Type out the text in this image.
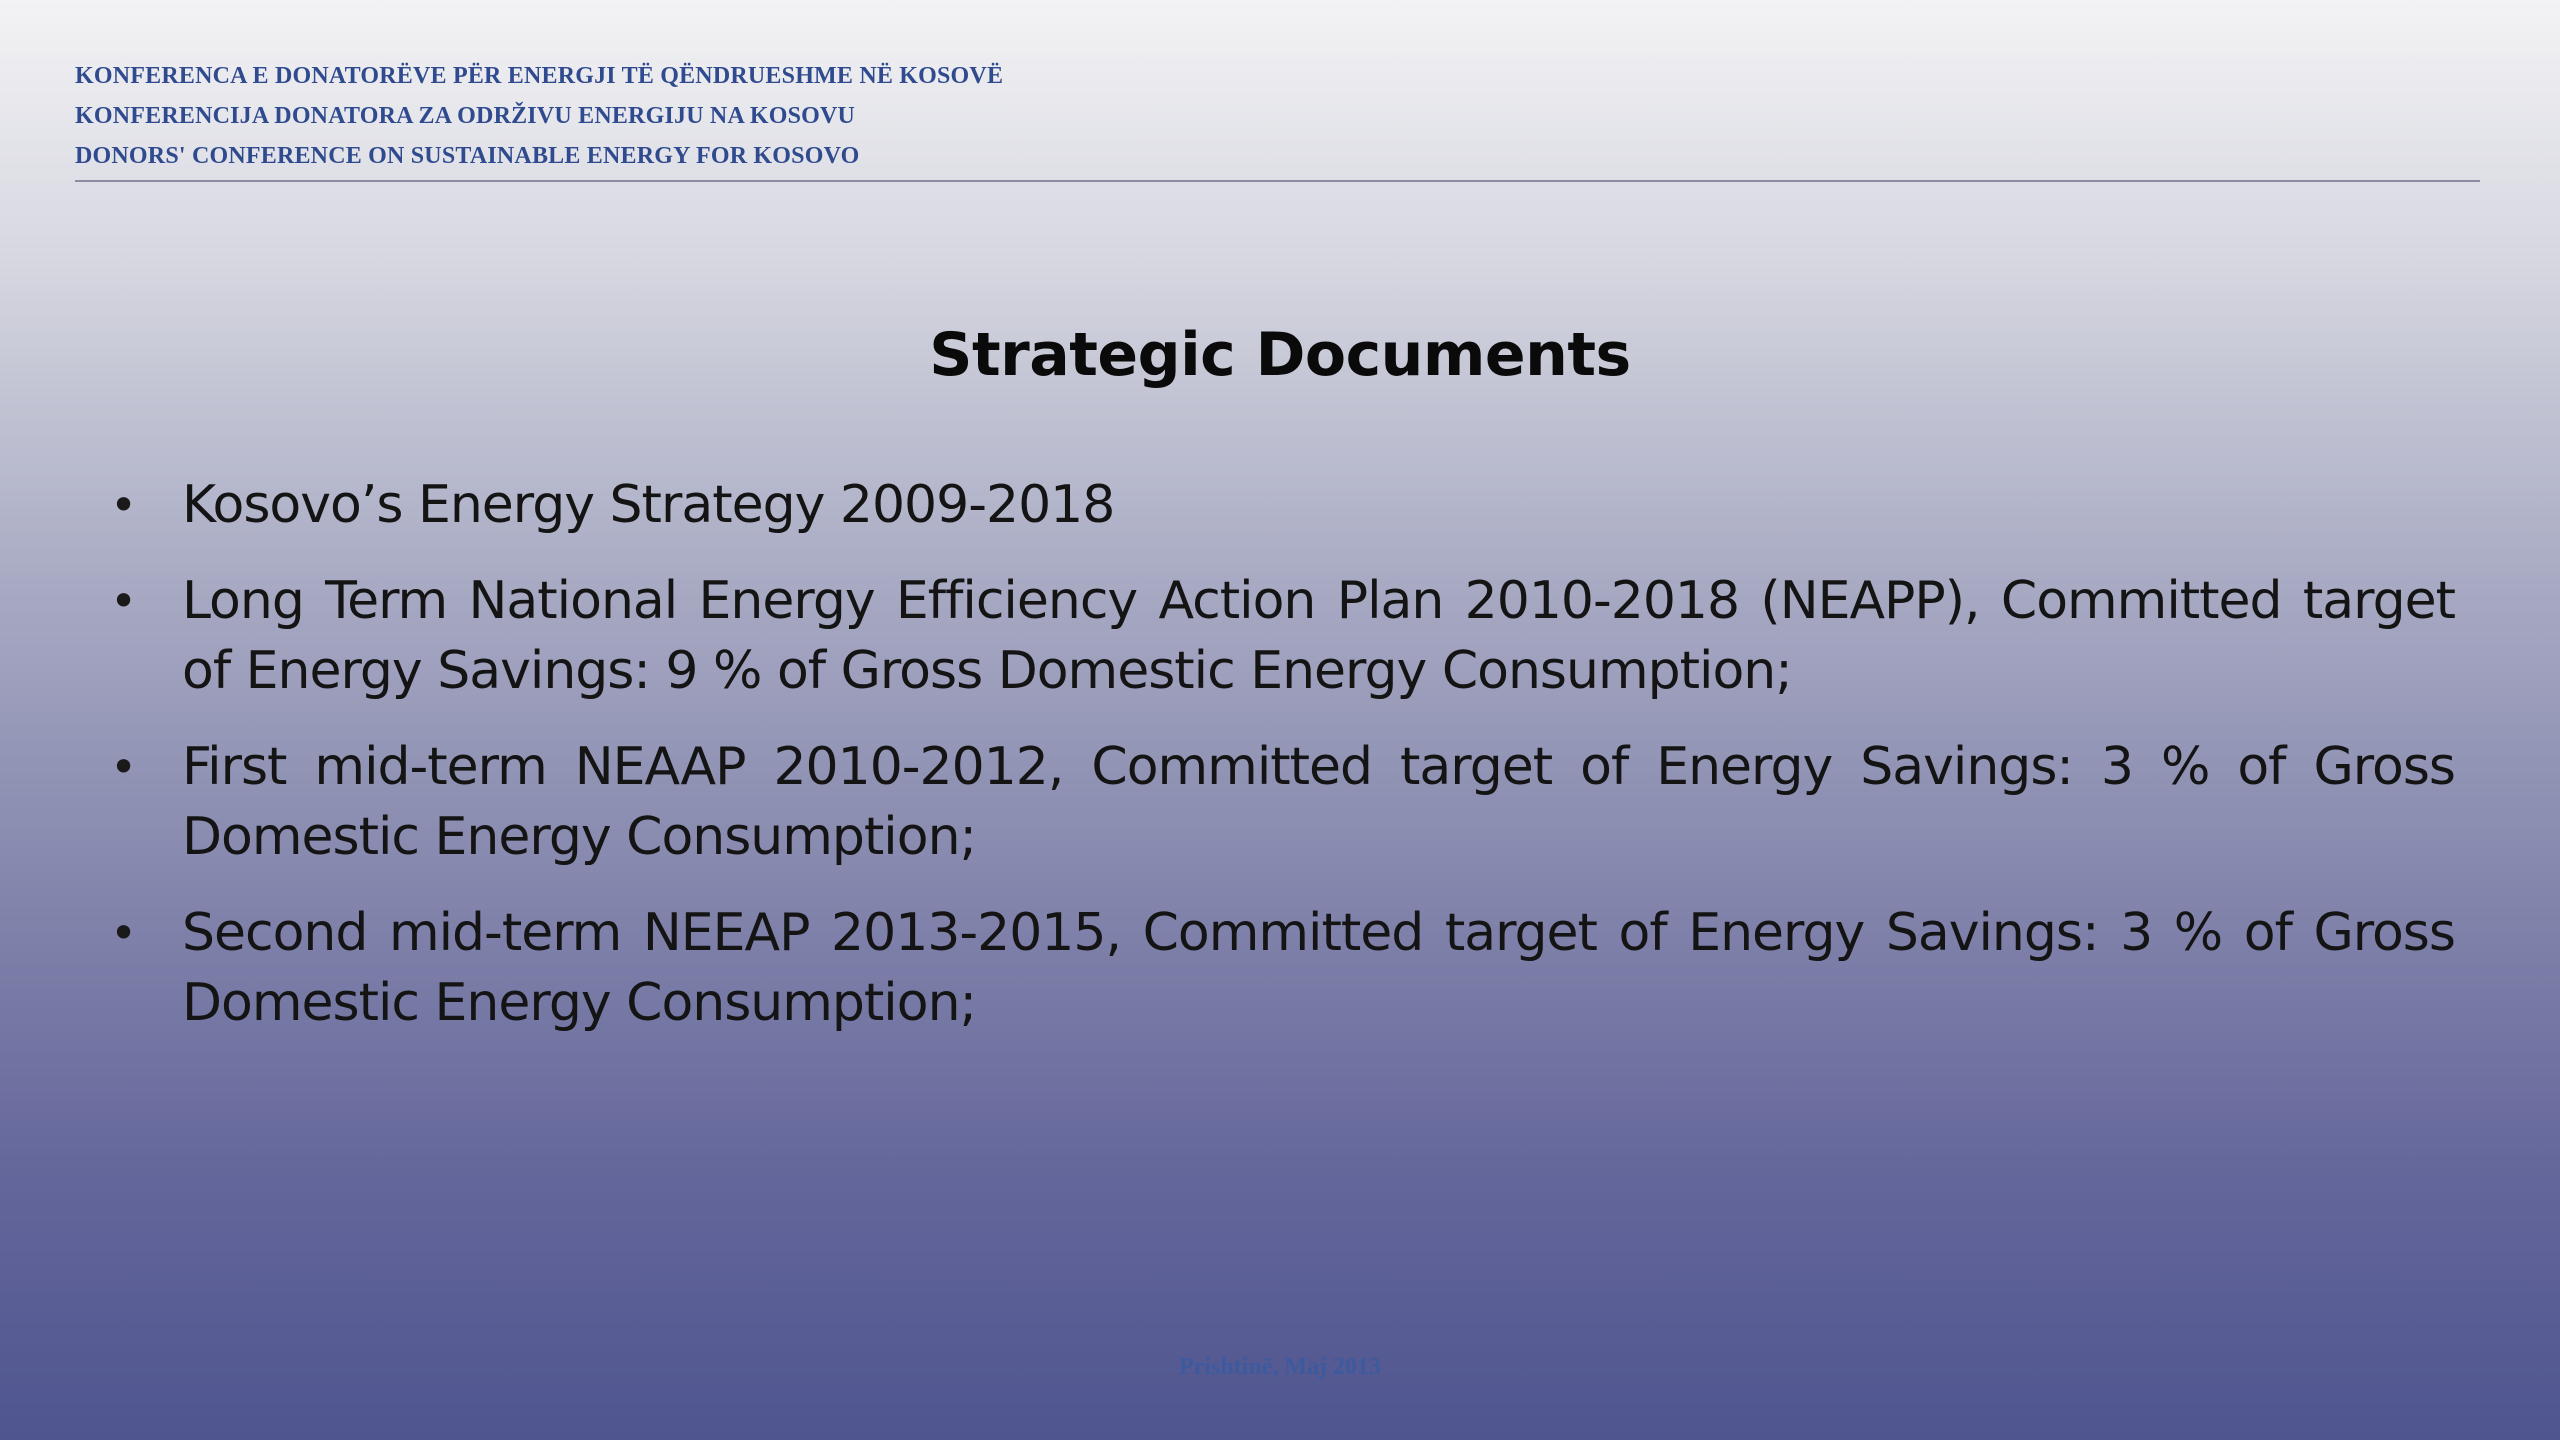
KONFERENCA E DONATORËVE PËR ENERGJI TË QËNDRUESHME NË KOSOVË
KONFERENCIJA DONATORA ZA ODRŽIVU ENERGIJU NA KOSOVU
DONORS' CONFERENCE ON SUSTAINABLE ENERGY FOR KOSOVO
Strategic Documents
• Kosovo’s Energy Strategy 2009-2018
• Long Term National Energy Efficiency Action Plan 2010-2018 (NEAPP), Committed target of Energy Savings: 9 % of Gross Domestic Energy Consumption;
• First mid-term NEAAP 2010-2012, Committed target of Energy Savings: 3 % of Gross Domestic Energy Consumption;
• Second mid-term NEEAP 2013-2015, Committed target of Energy Savings: 3 % of Gross Domestic Energy Consumption;
Prishtinë, Maj 2013
